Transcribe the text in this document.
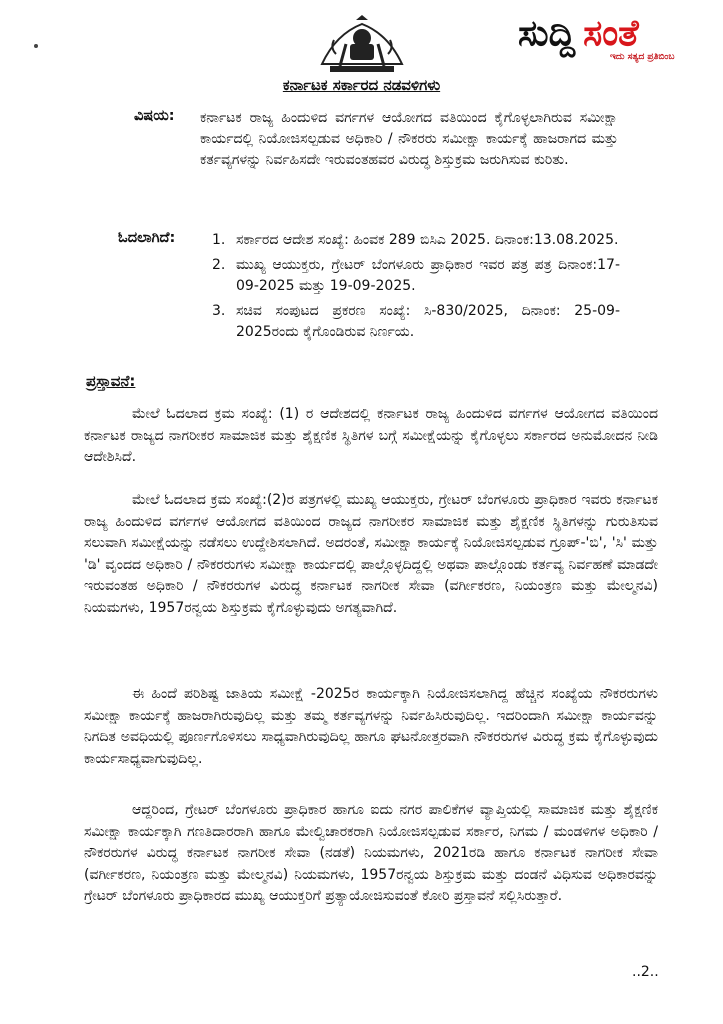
ಸುದ್ದಿ ಸಂತೆ
ಇದು ಸತ್ಯದ ಪ್ರತಿಬಿಂಬ
ಕರ್ನಾಟಕ ಸರ್ಕಾರದ ನಡವಳಿಗಳು
ವಿಷಯ: ಕರ್ನಾಟಕ ರಾಜ್ಯ ಹಿಂದುಳಿದ ವರ್ಗಗಳ ಆಯೋಗದ ವತಿಯಿಂದ ಕೈಗೊಳ್ಳಲಾಗಿರುವ ಸಮೀಕ್ಷಾ ಕಾರ್ಯದಲ್ಲಿ ನಿಯೋಜಿಸಲ್ಪಡುವ ಅಧಿಕಾರಿ / ನೌಕರರು ಸಮೀಕ್ಷಾ ಕಾರ್ಯಕ್ಕೆ ಹಾಜರಾಗದ ಮತ್ತು ಕರ್ತವ್ಯಗಳನ್ನು ನಿರ್ವಹಿಸದೇ ಇರುವಂತಹವರ ವಿರುದ್ಧ ಶಿಸ್ತುಕ್ರಮ ಜರುಗಿಸುವ ಕುರಿತು.
ಓದಲಾಗಿದೆ:	1. ಸರ್ಕಾರದ ಆದೇಶ ಸಂಖ್ಯೆ: ಹಿಂವಕ 289 ಬಿಸಿಎ 2025. ದಿನಾಂಕ:13.08.2025.
2. ಮುಖ್ಯ ಆಯುಕ್ತರು, ಗ್ರೇಟರ್ ಬೆಂಗಳೂರು ಪ್ರಾಧಿಕಾರ ಇವರ ಪತ್ರ ಪತ್ರ ದಿನಾಂಕ:17-09-2025 ಮತ್ತು 19-09-2025.
3. ಸಚಿವ ಸಂಪುಟದ ಪ್ರಕರಣ ಸಂಖ್ಯೆ: ಸಿ-830/2025, ದಿನಾಂಕ: 25-09-2025ರಂದು ಕೈಗೊಂಡಿರುವ ನಿರ್ಣಯ.
ಪ್ರಸ್ತಾವನೆ:

ಮೇಲೆ ಓದಲಾದ ಕ್ರಮ ಸಂಖ್ಯೆ: (1) ರ ಆದೇಶದಲ್ಲಿ ಕರ್ನಾಟಕ ರಾಜ್ಯ ಹಿಂದುಳಿದ ವರ್ಗಗಳ ಆಯೋಗದ ವತಿಯಿಂದ ಕರ್ನಾಟಕ ರಾಜ್ಯದ ನಾಗರೀಕರ ಸಾಮಾಜಿಕ ಮತ್ತು ಶೈಕ್ಷಣಿಕ ಸ್ಥಿತಿಗಳ ಬಗ್ಗೆ ಸಮೀಕ್ಷೆಯನ್ನು ಕೈಗೊಳ್ಳಲು ಸರ್ಕಾರದ ಅನುಮೋದನ ನೀಡಿ ಆದೇಶಿಸಿದೆ.

ಮೇಲೆ ಓದಲಾದ ಕ್ರಮ ಸಂಖ್ಯೆ:(2)ರ ಪತ್ರಗಳಲ್ಲಿ ಮುಖ್ಯ ಆಯುಕ್ತರು, ಗ್ರೇಟರ್ ಬೆಂಗಳೂರು ಪ್ರಾಧಿಕಾರ ಇವರು ಕರ್ನಾಟಕ ರಾಜ್ಯ ಹಿಂದುಳಿದ ವರ್ಗಗಳ ಆಯೋಗದ ವತಿಯಿಂದ ರಾಜ್ಯದ ನಾಗರೀಕರ ಸಾಮಾಜಿಕ ಮತ್ತು ಶೈಕ್ಷಣಿಕ ಸ್ಥಿತಿಗಳನ್ನು ಗುರುತಿಸುವ ಸಲುವಾಗಿ ಸಮೀಕ್ಷೆಯನ್ನು ನಡೆಸಲು ಉದ್ದೇಶಿಸಲಾಗಿದೆ. ಅದರಂತೆ, ಸಮೀಕ್ಷಾ ಕಾರ್ಯಕ್ಕೆ ನಿಯೋಜಿಸಲ್ಪಡುವ ಗ್ರೂಪ್-'ಬಿ', 'ಸಿ' ಮತ್ತು 'ಡಿ' ವೃಂದದ ಅಧಿಕಾರಿ / ನೌಕರರುಗಳು ಸಮೀಕ್ಷಾ ಕಾರ್ಯದಲ್ಲಿ ಪಾಲ್ಗೊಳ್ಳದಿದ್ದಲ್ಲಿ ಅಥವಾ ಪಾಲ್ಗೊಂಡು ಕರ್ತವ್ಯ ನಿರ್ವಹಣೆ ಮಾಡದೇ ಇರುವಂತಹ ಅಧಿಕಾರಿ / ನೌಕರರುಗಳ ವಿರುದ್ಧ ಕರ್ನಾಟಕ ನಾಗರೀಕ ಸೇವಾ (ವರ್ಗೀಕರಣ, ನಿಯಂತ್ರಣ ಮತ್ತು ಮೇಲ್ಮನವಿ) ನಿಯಮಗಳು, 1957ರನ್ವಯ ಶಿಸ್ತುಕ್ರಮ ಕೈಗೊಳ್ಳುವುದು ಅಗತ್ಯವಾಗಿದೆ.

ಈ ಹಿಂದೆ ಪರಿಶಿಷ್ಟ ಜಾತಿಯ ಸಮೀಕ್ಷೆ -2025ರ ಕಾರ್ಯಕ್ಕಾಗಿ ನಿಯೋಜಿಸಲಾಗಿದ್ದ ಹೆಚ್ಚಿನ ಸಂಖ್ಯೆಯ ನೌಕರರುಗಳು ಸಮೀಕ್ಷಾ ಕಾರ್ಯಕ್ಕೆ ಹಾಜರಾಗಿರುವುದಿಲ್ಲ ಮತ್ತು ತಮ್ಮ ಕರ್ತವ್ಯಗಳನ್ನು ನಿರ್ವಹಿಸಿರುವುದಿಲ್ಲ. ಇದರಿಂದಾಗಿ ಸಮೀಕ್ಷಾ ಕಾರ್ಯವನ್ನು ನಿಗದಿತ ಅವಧಿಯಲ್ಲಿ ಪೂರ್ಣಗೊಳಿಸಲು ಸಾಧ್ಯವಾಗಿರುವುದಿಲ್ಲ ಹಾಗೂ ಘಟನೋತ್ತರವಾಗಿ ನೌಕರರುಗಳ ವಿರುದ್ಧ ಕ್ರಮ ಕೈಗೊಳ್ಳುವುದು ಕಾರ್ಯಸಾಧ್ಯವಾಗುವುದಿಲ್ಲ.

ಆದ್ದರಿಂದ, ಗ್ರೇಟರ್ ಬೆಂಗಳೂರು ಪ್ರಾಧಿಕಾರ ಹಾಗೂ ಐದು ನಗರ ಪಾಲಿಕೆಗಳ ವ್ಯಾಪ್ತಿಯಲ್ಲಿ ಸಾಮಾಜಿಕ ಮತ್ತು ಶೈಕ್ಷಣಿಕ ಸಮೀಕ್ಷಾ ಕಾರ್ಯಕ್ಕಾಗಿ ಗಣತಿದಾರರಾಗಿ ಹಾಗೂ ಮೇಲ್ವಿಚಾರಕರಾಗಿ ನಿಯೋಜಿಸಲ್ಪಡುವ ಸರ್ಕಾರ, ನಿಗಮ / ಮಂಡಳಿಗಳ ಅಧಿಕಾರಿ / ನೌಕರರುಗಳ ವಿರುದ್ಧ ಕರ್ನಾಟಕ ನಾಗರೀಕ ಸೇವಾ (ನಡತೆ) ನಿಯಮಗಳು, 2021ರಡಿ ಹಾಗೂ ಕರ್ನಾಟಕ ನಾಗರೀಕ ಸೇವಾ (ವರ್ಗೀಕರಣ, ನಿಯಂತ್ರಣ ಮತ್ತು ಮೇಲ್ಮನವಿ) ನಿಯಮಗಳು, 1957ರನ್ವಯ ಶಿಸ್ತುಕ್ರಮ ಮತ್ತು ದಂಡನೆ ವಿಧಿಸುವ ಅಧಿಕಾರವನ್ನು ಗ್ರೇಟರ್ ಬೆಂಗಳೂರು ಪ್ರಾಧಿಕಾರದ ಮುಖ್ಯ ಆಯುಕ್ತರಿಗೆ ಪ್ರತ್ಯಾಯೋಜಿಸುವಂತೆ ಕೋರಿ ಪ್ರಸ್ತಾವನೆ ಸಲ್ಲಿಸಿರುತ್ತಾರೆ.

..2..
